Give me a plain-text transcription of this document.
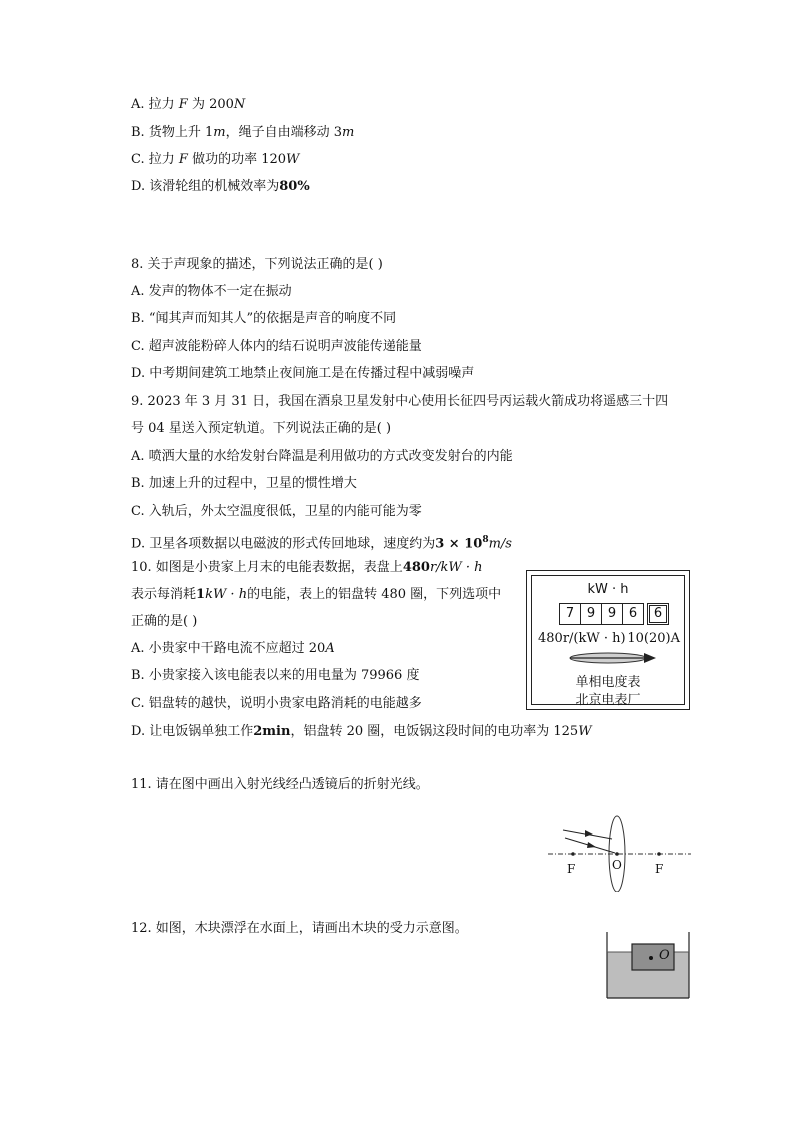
A. 拉力 F 为 200N
B. 货物上升 1m，绳子自由端移动 3m
C. 拉力 F 做功的功率 120W
D. 该滑轮组的机械效率为80%
8. 关于声现象的描述，下列说法正确的是( )
A. 发声的物体不一定在振动
B. “闻其声而知其人”的依据是声音的响度不同
C. 超声波能粉碎人体内的结石说明声波能传递能量
D. 中考期间建筑工地禁止夜间施工是在传播过程中减弱噪声
9. 2023 年 3 月 31 日，我国在酒泉卫星发射中心使用长征四号丙运载火箭成功将遥感三十四
号 04 星送入预定轨道。下列说法正确的是( )
A. 喷洒大量的水给发射台降温是利用做功的方式改变发射台的内能
B. 加速上升的过程中，卫星的惯性增大
C. 入轨后，外太空温度很低，卫星的内能可能为零
D. 卫星各项数据以电磁波的形式传回地球，速度约为$3 \times 10^8m/s$
10. 如图是小贵家上月末的电能表数据，表盘上480r/kW · h
表示每消耗1kW · h的电能，表上的铝盘转 480 圈，下列选项中
正确的是( )
A. 小贵家中干路电流不应超过 20A
B. 小贵家接入该电能表以来的用电量为 79966 度
C. 铝盘转的越快，说明小贵家电路消耗的电能越多
D. 让电饭锅单独工作2min，铝盘转 20 圈，电饭锅这段时间的电功率为 125W
kW · h
7 9 9 6	6
480r/(kW · h) 10(20)A
单相电度表
北京电表厂
11. 请在图中画出入射光线经凸透镜后的折射光线。
F	O	F
12. 如图，木块漂浮在水面上，请画出木块的受力示意图。
O
